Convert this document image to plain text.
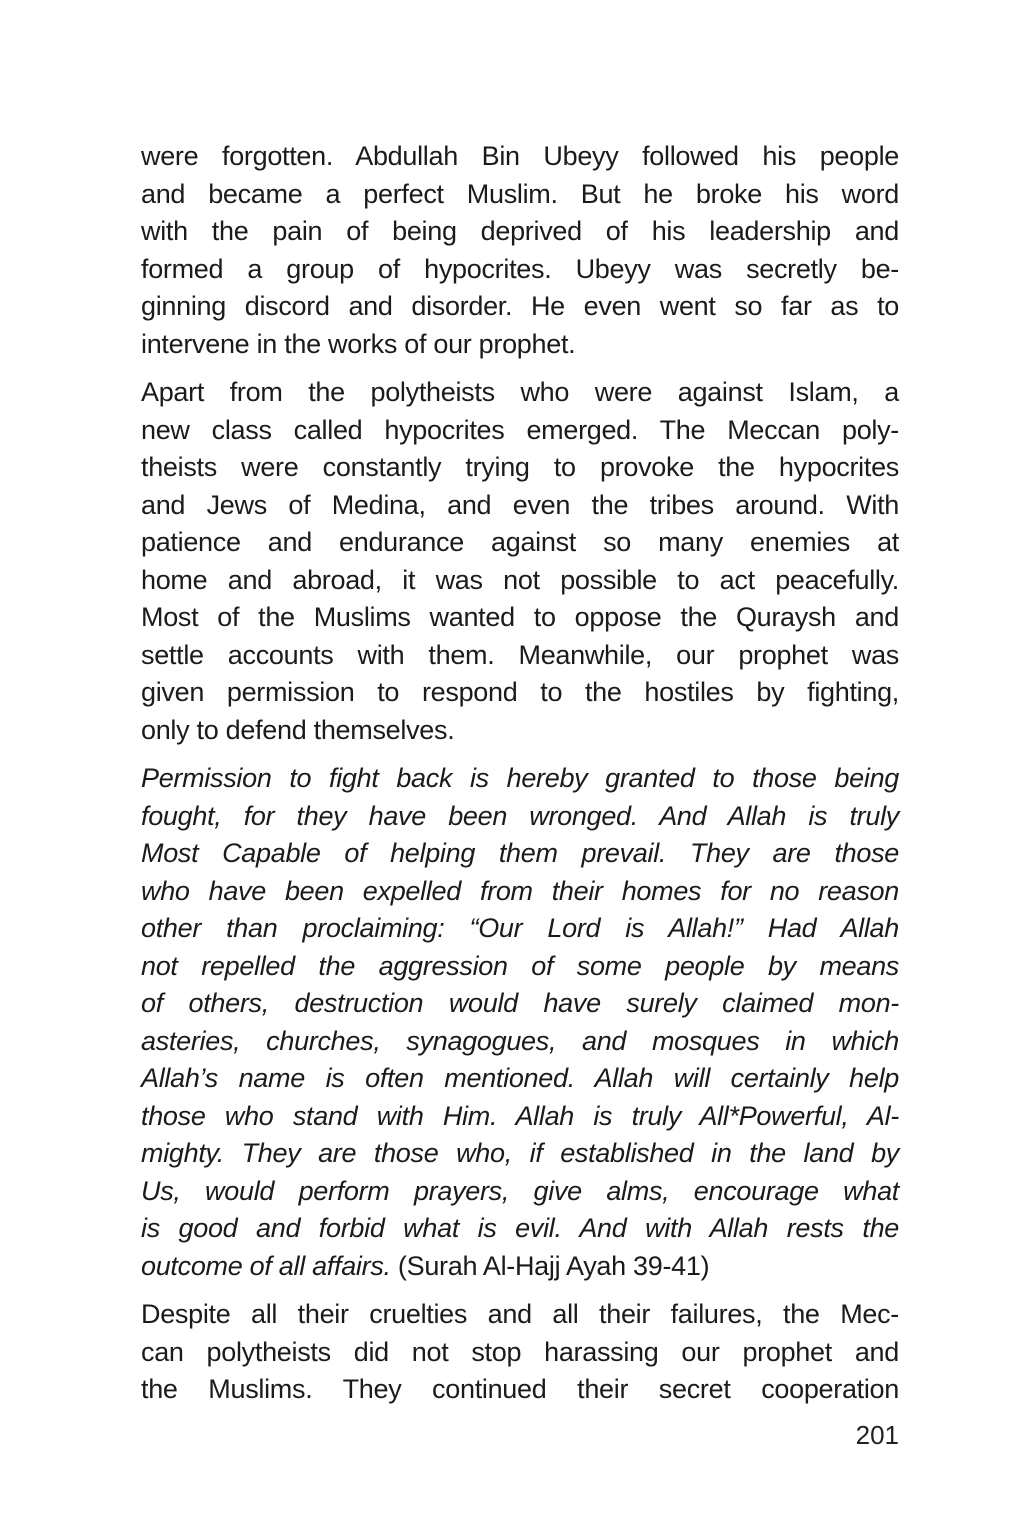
were forgotten. Abdullah Bin Ubeyy followed his people
and became a perfect Muslim. But he broke his word
with the pain of being deprived of his leadership and
formed a group of hypocrites. Ubeyy was secretly be-
ginning discord and disorder. He even went so far as to
intervene in the works of our prophet.
Apart from the polytheists who were against Islam, a
new class called hypocrites emerged. The Meccan poly-
theists were constantly trying to provoke the hypocrites
and Jews of Medina, and even the tribes around. With
patience and endurance against so many enemies at
home and abroad, it was not possible to act peacefully.
Most of the Muslims wanted to oppose the Quraysh and
settle accounts with them. Meanwhile, our prophet was
given permission to respond to the hostiles by fighting,
only to defend themselves.
Permission to fight back is hereby granted to those being
fought, for they have been wronged. And Allah is truly
Most Capable of helping them prevail. They are those
who have been expelled from their homes for no reason
other than proclaiming: “Our Lord is Allah!” Had Allah
not repelled the aggression of some people by means
of others, destruction would have surely claimed mon-
asteries, churches, synagogues, and mosques in which
Allah’s name is often mentioned. Allah will certainly help
those who stand with Him. Allah is truly All*Powerful, Al-
mighty. They are those who, if established in the land by
Us, would perform prayers, give alms, encourage what
is good and forbid what is evil. And with Allah rests the
outcome of all affairs. (Surah Al-Hajj Ayah 39-41)
Despite all their cruelties and all their failures, the Mec-
can polytheists did not stop harassing our prophet and
the Muslims. They continued their secret cooperation
201
